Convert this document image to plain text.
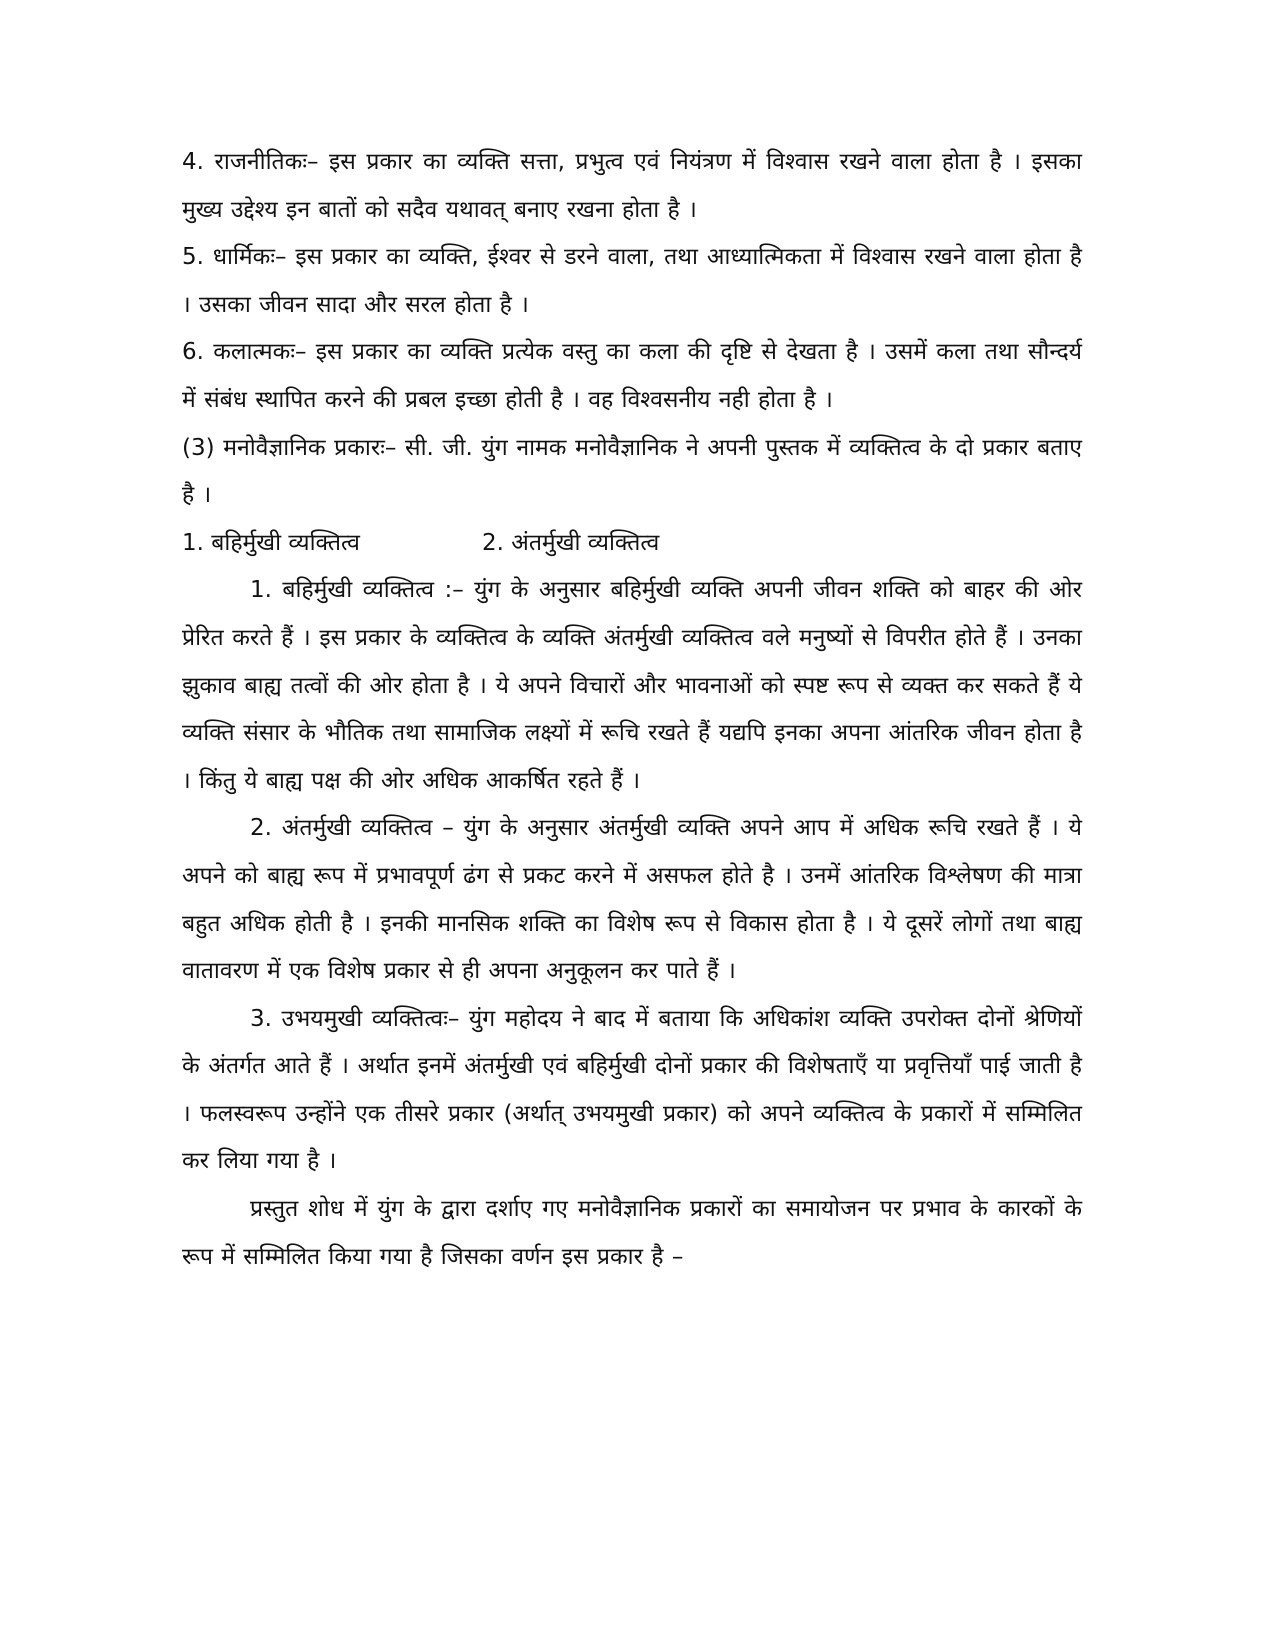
4. राजनीतिकः– इस प्रकार का व्यक्ति सत्ता, प्रभुत्व एवं नियंत्रण में विश्वास रखने वाला होता है । इसका मुख्य उद्देश्य इन बातों को सदैव यथावत् बनाए रखना होता है ।

5. धार्मिकः– इस प्रकार का व्यक्ति, ईश्वर से डरने वाला, तथा आध्यात्मिकता में विश्वास रखने वाला होता है । उसका जीवन सादा और सरल होता है ।

6. कलात्मकः– इस प्रकार का व्यक्ति प्रत्येक वस्तु का कला की दृष्टि से देखता है । उसमें कला तथा सौन्दर्य में संबंध स्थापित करने की प्रबल इच्छा होती है । वह विश्वसनीय नही होता है ।

(3) मनोवैज्ञानिक प्रकारः– सी. जी. युंग नामक मनोवैज्ञानिक ने अपनी पुस्तक में व्यक्तित्व के दो प्रकार बताए है ।

1. बहिर्मुखी व्यक्तित्व	2. अंतर्मुखी व्यक्तित्व

1. बहिर्मुखी व्यक्तित्व :– युंग के अनुसार बहिर्मुखी व्यक्ति अपनी जीवन शक्ति को बाहर की ओर प्रेरित करते हैं । इस प्रकार के व्यक्तित्व के व्यक्ति अंतर्मुखी व्यक्तित्व वले मनुष्यों से विपरीत होते हैं । उनका झुकाव बाह्य तत्वों की ओर होता है । ये अपने विचारों और भावनाओं को स्पष्ट रूप से व्यक्त कर सकते हैं ये व्यक्ति संसार के भौतिक तथा सामाजिक लक्ष्यों में रूचि रखते हैं यद्यपि इनका अपना आंतरिक जीवन होता है । किंतु ये बाह्य पक्ष की ओर अधिक आकर्षित रहते हैं ।

2. अंतर्मुखी व्यक्तित्व – युंग के अनुसार अंतर्मुखी व्यक्ति अपने आप में अधिक रूचि रखते हैं । ये अपने को बाह्य रूप में प्रभावपूर्ण ढंग से प्रकट करने में असफल होते है । उनमें आंतरिक विश्लेषण की मात्रा बहुत अधिक होती है । इनकी मानसिक शक्ति का विशेष रूप से विकास होता है । ये दूसरें लोगों तथा बाह्य वातावरण में एक विशेष प्रकार से ही अपना अनुकूलन कर पाते हैं ।

3. उभयमुखी व्यक्तित्वः– युंग महोदय ने बाद में बताया कि अधिकांश व्यक्ति उपरोक्त दोनों श्रेणियों के अंतर्गत आते हैं । अर्थात इनमें अंतर्मुखी एवं बहिर्मुखी दोनों प्रकार की विशेषताएँ या प्रवृत्तियाँ पाई जाती है । फलस्वरूप उन्होंने एक तीसरे प्रकार (अर्थात् उभयमुखी प्रकार) को अपने व्यक्तित्व के प्रकारों में सम्मिलित कर लिया गया है ।

प्रस्तुत शोध में युंग के द्वारा दर्शाए गए मनोवैज्ञानिक प्रकारों का समायोजन पर प्रभाव के कारकों के रूप में सम्मिलित किया गया है जिसका वर्णन इस प्रकार है –
